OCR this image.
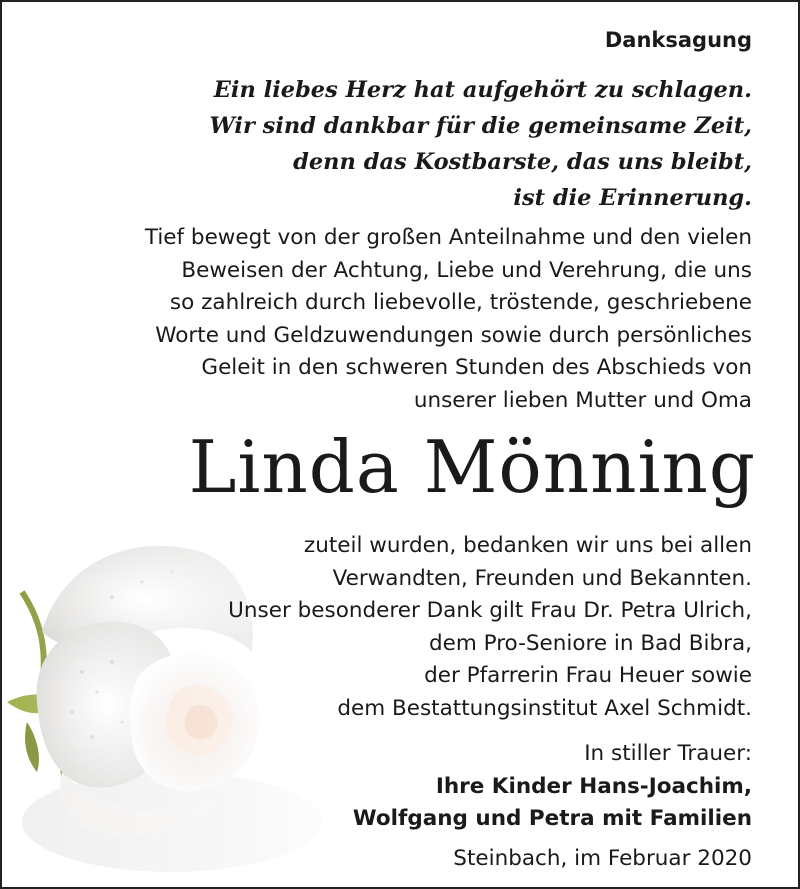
Danksagung
Ein liebes Herz hat aufgehört zu schlagen.
Wir sind dankbar für die gemeinsame Zeit,
denn das Kostbarste, das uns bleibt,
ist die Erinnerung.
Tief bewegt von der großen Anteilnahme und den vielen
Beweisen der Achtung, Liebe und Verehrung, die uns
so zahlreich durch liebevolle, tröstende, geschriebene
Worte und Geldzuwendungen sowie durch persönliches
Geleit in den schweren Stunden des Abschieds von
unserer lieben Mutter und Oma
Linda Mönning
zuteil wurden, bedanken wir uns bei allen
Verwandten, Freunden und Bekannten.
Unser besonderer Dank gilt Frau Dr. Petra Ulrich,
dem Pro-Seniore in Bad Bibra,
der Pfarrerin Frau Heuer sowie
dem Bestattungsinstitut Axel Schmidt.
In stiller Trauer:
Ihre Kinder Hans-Joachim,
Wolfgang und Petra mit Familien
Steinbach, im Februar 2020
